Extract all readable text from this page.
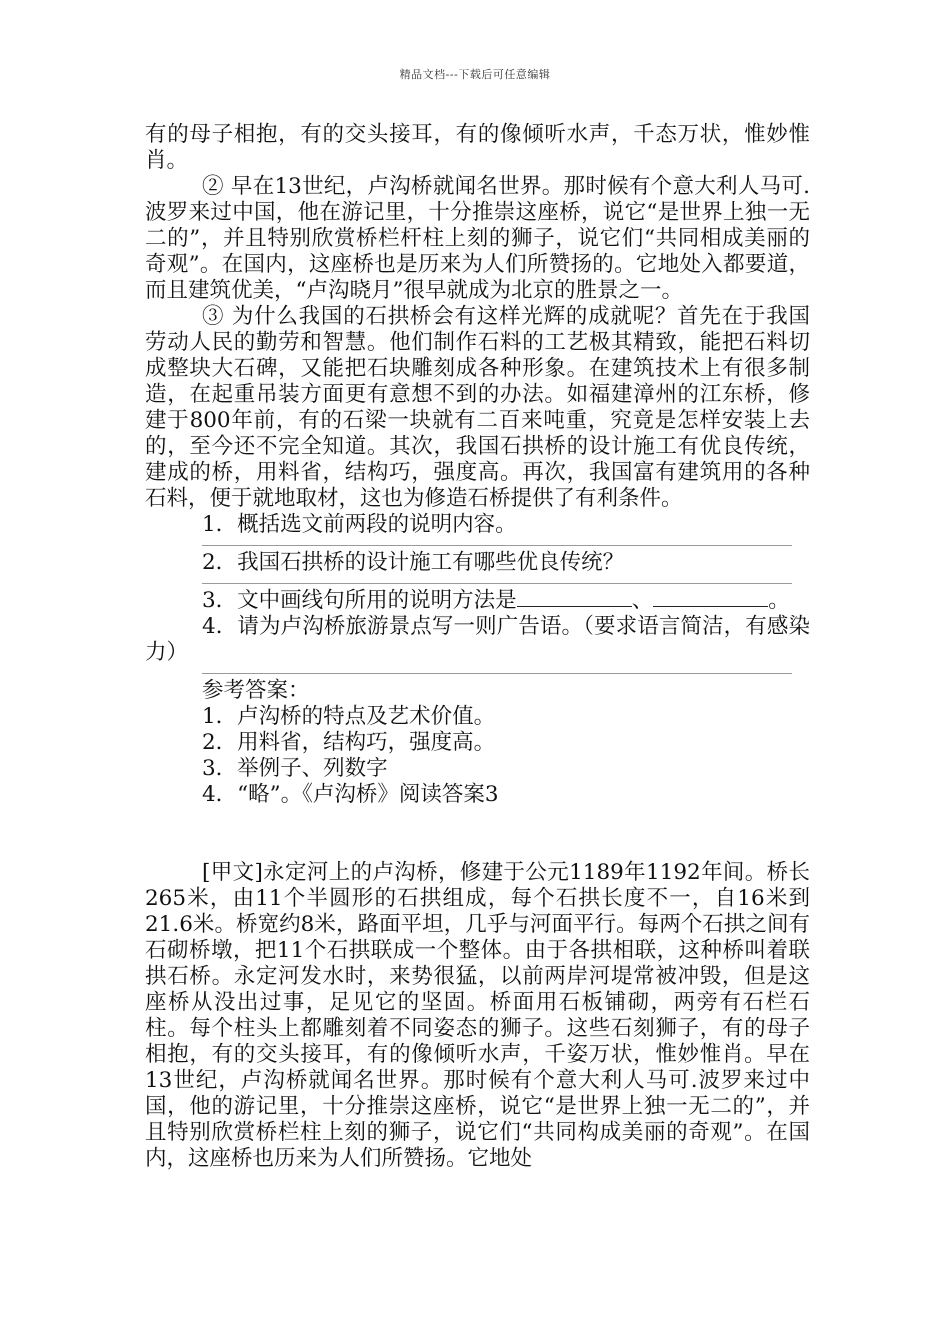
精品文档---下载后可任意编辑

有的母子相抱，有的交头接耳，有的像倾听水声，千态万状，惟妙惟肖。

② 早在13世纪，卢沟桥就闻名世界。那时候有个意大利人马可.波罗来过中国，他在游记里，十分推崇这座桥，说它“是世界上独一无二的”，并且特别欣赏桥栏杆柱上刻的狮子，说它们“共同相成美丽的奇观”。在国内，这座桥也是历来为人们所赞扬的。它地处入都要道，而且建筑优美，“卢沟晓月”很早就成为北京的胜景之一。

③ 为什么我国的石拱桥会有这样光辉的成就呢？首先在于我国劳动人民的勤劳和智慧。他们制作石料的工艺极其精致，能把石料切成整块大石碑，又能把石块雕刻成各种形象。在建筑技术上有很多制造，在起重吊装方面更有意想不到的办法。如福建漳州的江东桥，修建于800年前，有的石梁一块就有二百来吨重，究竟是怎样安装上去的，至今还不完全知道。其次，我国石拱桥的设计施工有优良传统，建成的桥，用料省，结构巧，强度高。再次，我国富有建筑用的各种石料，便于就地取材，这也为修造石桥提供了有利条件。

1．概括选文前两段的说明内容。

2．我国石拱桥的设计施工有哪些优良传统？

3．文中画线句所用的说明方法是	、	。

4．请为卢沟桥旅游景点写一则广告语。（要求语言简洁，有感染力）

参考答案：

1．卢沟桥的特点及艺术价值。

2．用料省，结构巧，强度高。

3．举例子、列数字

4．“略”。《卢沟桥》阅读答案3

[甲文]永定河上的卢沟桥，修建于公元1189年1192年间。桥长265米，由11个半圆形的石拱组成，每个石拱长度不一，自16米到21.6米。桥宽约8米，路面平坦，几乎与河面平行。每两个石拱之间有石砌桥墩，把11个石拱联成一个整体。由于各拱相联，这种桥叫着联拱石桥。永定河发水时，来势很猛，以前两岸河堤常被冲毁，但是这座桥从没出过事，足见它的坚固。桥面用石板铺砌，两旁有石栏石柱。每个柱头上都雕刻着不同姿态的狮子。这些石刻狮子，有的母子相抱，有的交头接耳，有的像倾听水声，千姿万状，惟妙惟肖。早在13世纪，卢沟桥就闻名世界。那时候有个意大利人马可.波罗来过中国，他的游记里，十分推崇这座桥，说它“是世界上独一无二的”，并且特别欣赏桥栏柱上刻的狮子，说它们“共同构成美丽的奇观”。在国内，这座桥也历来为人们所赞扬。它地处
